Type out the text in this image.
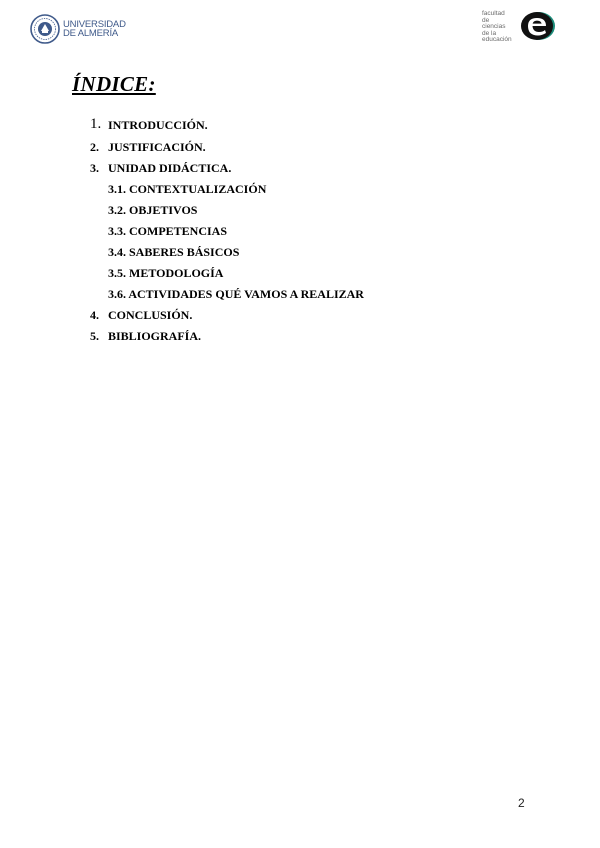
UNIVERSIDAD
DE ALMERÍA
facultad
de
ciencias
de la
educación
ÍNDICE:
1. INTRODUCCIÓN.
2. JUSTIFICACIÓN.
3. UNIDAD DIDÁCTICA.
3.1. CONTEXTUALIZACIÓN
3.2. OBJETIVOS
3.3. COMPETENCIAS
3.4. SABERES BÁSICOS
3.5. METODOLOGÍA
3.6. ACTIVIDADES QUÉ VAMOS A REALIZAR
4. CONCLUSIÓN.
5. BIBLIOGRAFÍA.
2
